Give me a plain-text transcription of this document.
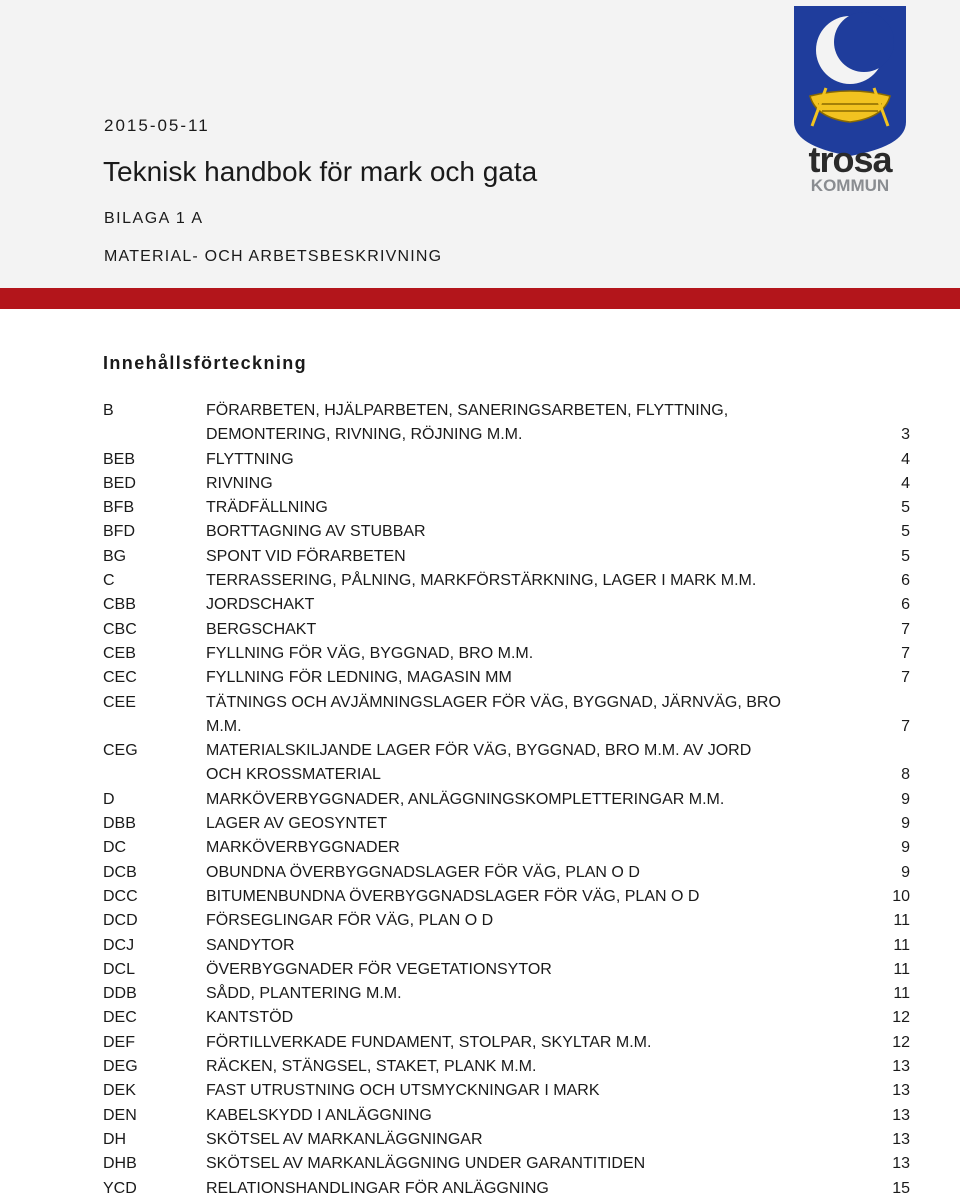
2015-05-11
Teknisk handbok för mark och gata
BILAGA 1 A
MATERIAL- OCH ARBETSBESKRIVNING
trosa
KOMMUN
Innehållsförteckning
B	FÖRARBETEN, HJÄLPARBETEN, SANERINGSARBETEN, FLYTTNING,
DEMONTERING, RIVNING, RÖJNING M.M.	3
BEB	FLYTTNING	4
BED	RIVNING	4
BFB	TRÄDFÄLLNING	5
BFD	BORTTAGNING AV STUBBAR	5
BG	SPONT VID FÖRARBETEN	5
C	TERRASSERING, PÅLNING, MARKFÖRSTÄRKNING, LAGER I MARK M.M.	6
CBB	JORDSCHAKT	6
CBC	BERGSCHAKT	7
CEB	FYLLNING FÖR VÄG, BYGGNAD, BRO M.M.	7
CEC	FYLLNING FÖR LEDNING, MAGASIN MM	7
CEE	TÄTNINGS OCH AVJÄMNINGSLAGER FÖR VÄG, BYGGNAD, JÄRNVÄG, BRO
M.M.	7
CEG	MATERIALSKILJANDE LAGER FÖR VÄG, BYGGNAD, BRO M.M. AV JORD
OCH KROSSMATERIAL	8
D	MARKÖVERBYGGNADER, ANLÄGGNINGSKOMPLETTERINGAR M.M.	9
DBB	LAGER AV GEOSYNTET	9
DC	MARKÖVERBYGGNADER	9
DCB	OBUNDNA ÖVERBYGGNADSLAGER FÖR VÄG, PLAN O D	9
DCC	BITUMENBUNDNA ÖVERBYGGNADSLAGER FÖR VÄG, PLAN O D	10
DCD	FÖRSEGLINGAR FÖR VÄG, PLAN O D	11
DCJ	SANDYTOR	11
DCL	ÖVERBYGGNADER FÖR VEGETATIONSYTOR	11
DDB	SÅDD, PLANTERING M.M.	11
DEC	KANTSTÖD	12
DEF	FÖRTILLVERKADE FUNDAMENT, STOLPAR, SKYLTAR M.M.	12
DEG	RÄCKEN, STÄNGSEL, STAKET, PLANK M.M.	13
DEK	FAST UTRUSTNING OCH UTSMYCKNINGAR I MARK	13
DEN	KABELSKYDD I ANLÄGGNING	13
DH	SKÖTSEL AV MARKANLÄGGNINGAR	13
DHB	SKÖTSEL AV MARKANLÄGGNING UNDER GARANTITIDEN	13
YCD	RELATIONSHANDLINGAR FÖR ANLÄGGNING	15
